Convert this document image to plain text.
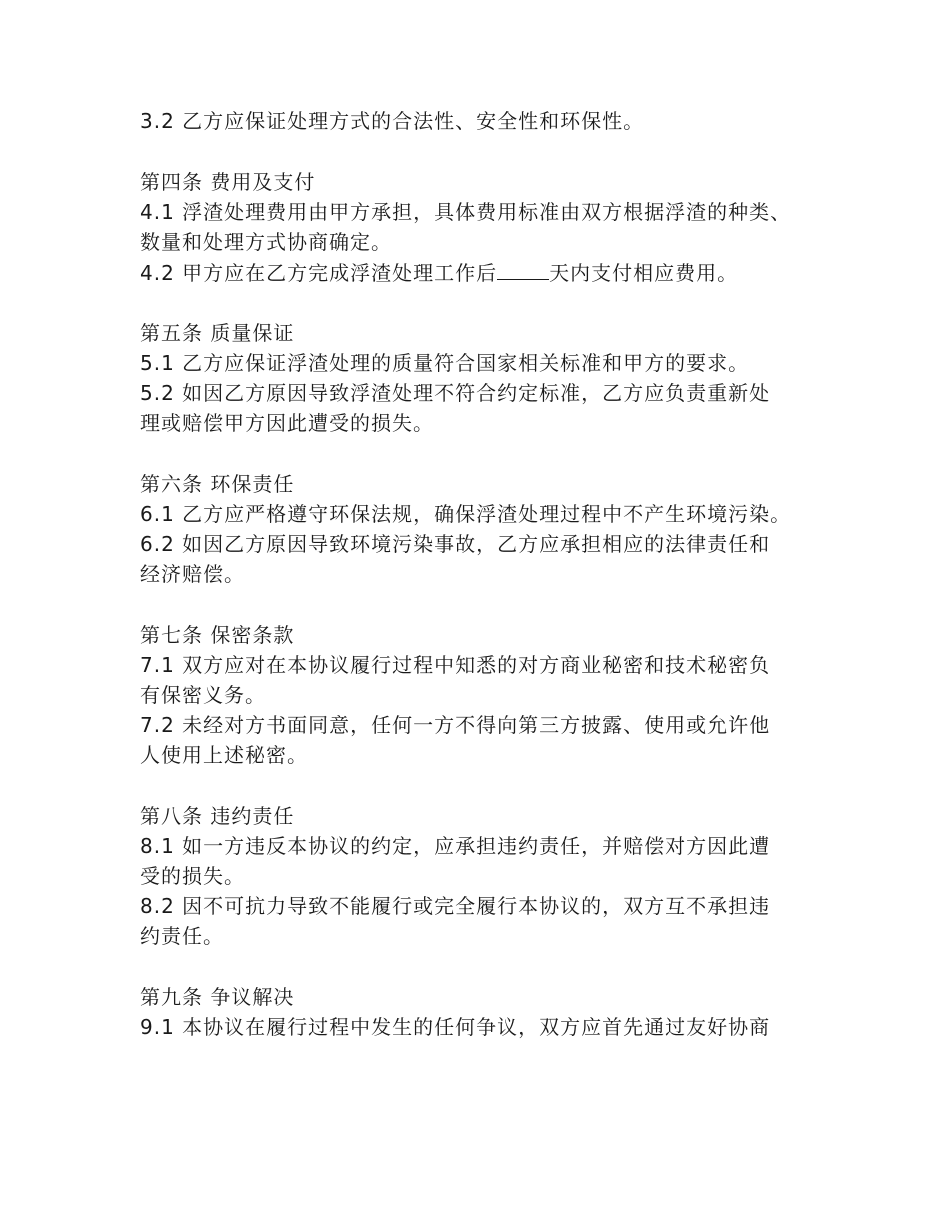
3.2 乙方应保证处理方式的合法性、安全性和环保性。
第四条 费用及支付
4.1 浮渣处理费用由甲方承担，具体费用标准由双方根据浮渣的种类、
数量和处理方式协商确定。
4.2 甲方应在乙方完成浮渣处理工作后	天内支付相应费用。
第五条 质量保证
5.1 乙方应保证浮渣处理的质量符合国家相关标准和甲方的要求。
5.2 如因乙方原因导致浮渣处理不符合约定标准，乙方应负责重新处
理或赔偿甲方因此遭受的损失。
第六条 环保责任
6.1 乙方应严格遵守环保法规，确保浮渣处理过程中不产生环境污染。
6.2 如因乙方原因导致环境污染事故，乙方应承担相应的法律责任和
经济赔偿。
第七条 保密条款
7.1 双方应对在本协议履行过程中知悉的对方商业秘密和技术秘密负
有保密义务。
7.2 未经对方书面同意，任何一方不得向第三方披露、使用或允许他
人使用上述秘密。
第八条 违约责任
8.1 如一方违反本协议的约定，应承担违约责任，并赔偿对方因此遭
受的损失。
8.2 因不可抗力导致不能履行或完全履行本协议的，双方互不承担违
约责任。
第九条 争议解决
9.1 本协议在履行过程中发生的任何争议，双方应首先通过友好协商
